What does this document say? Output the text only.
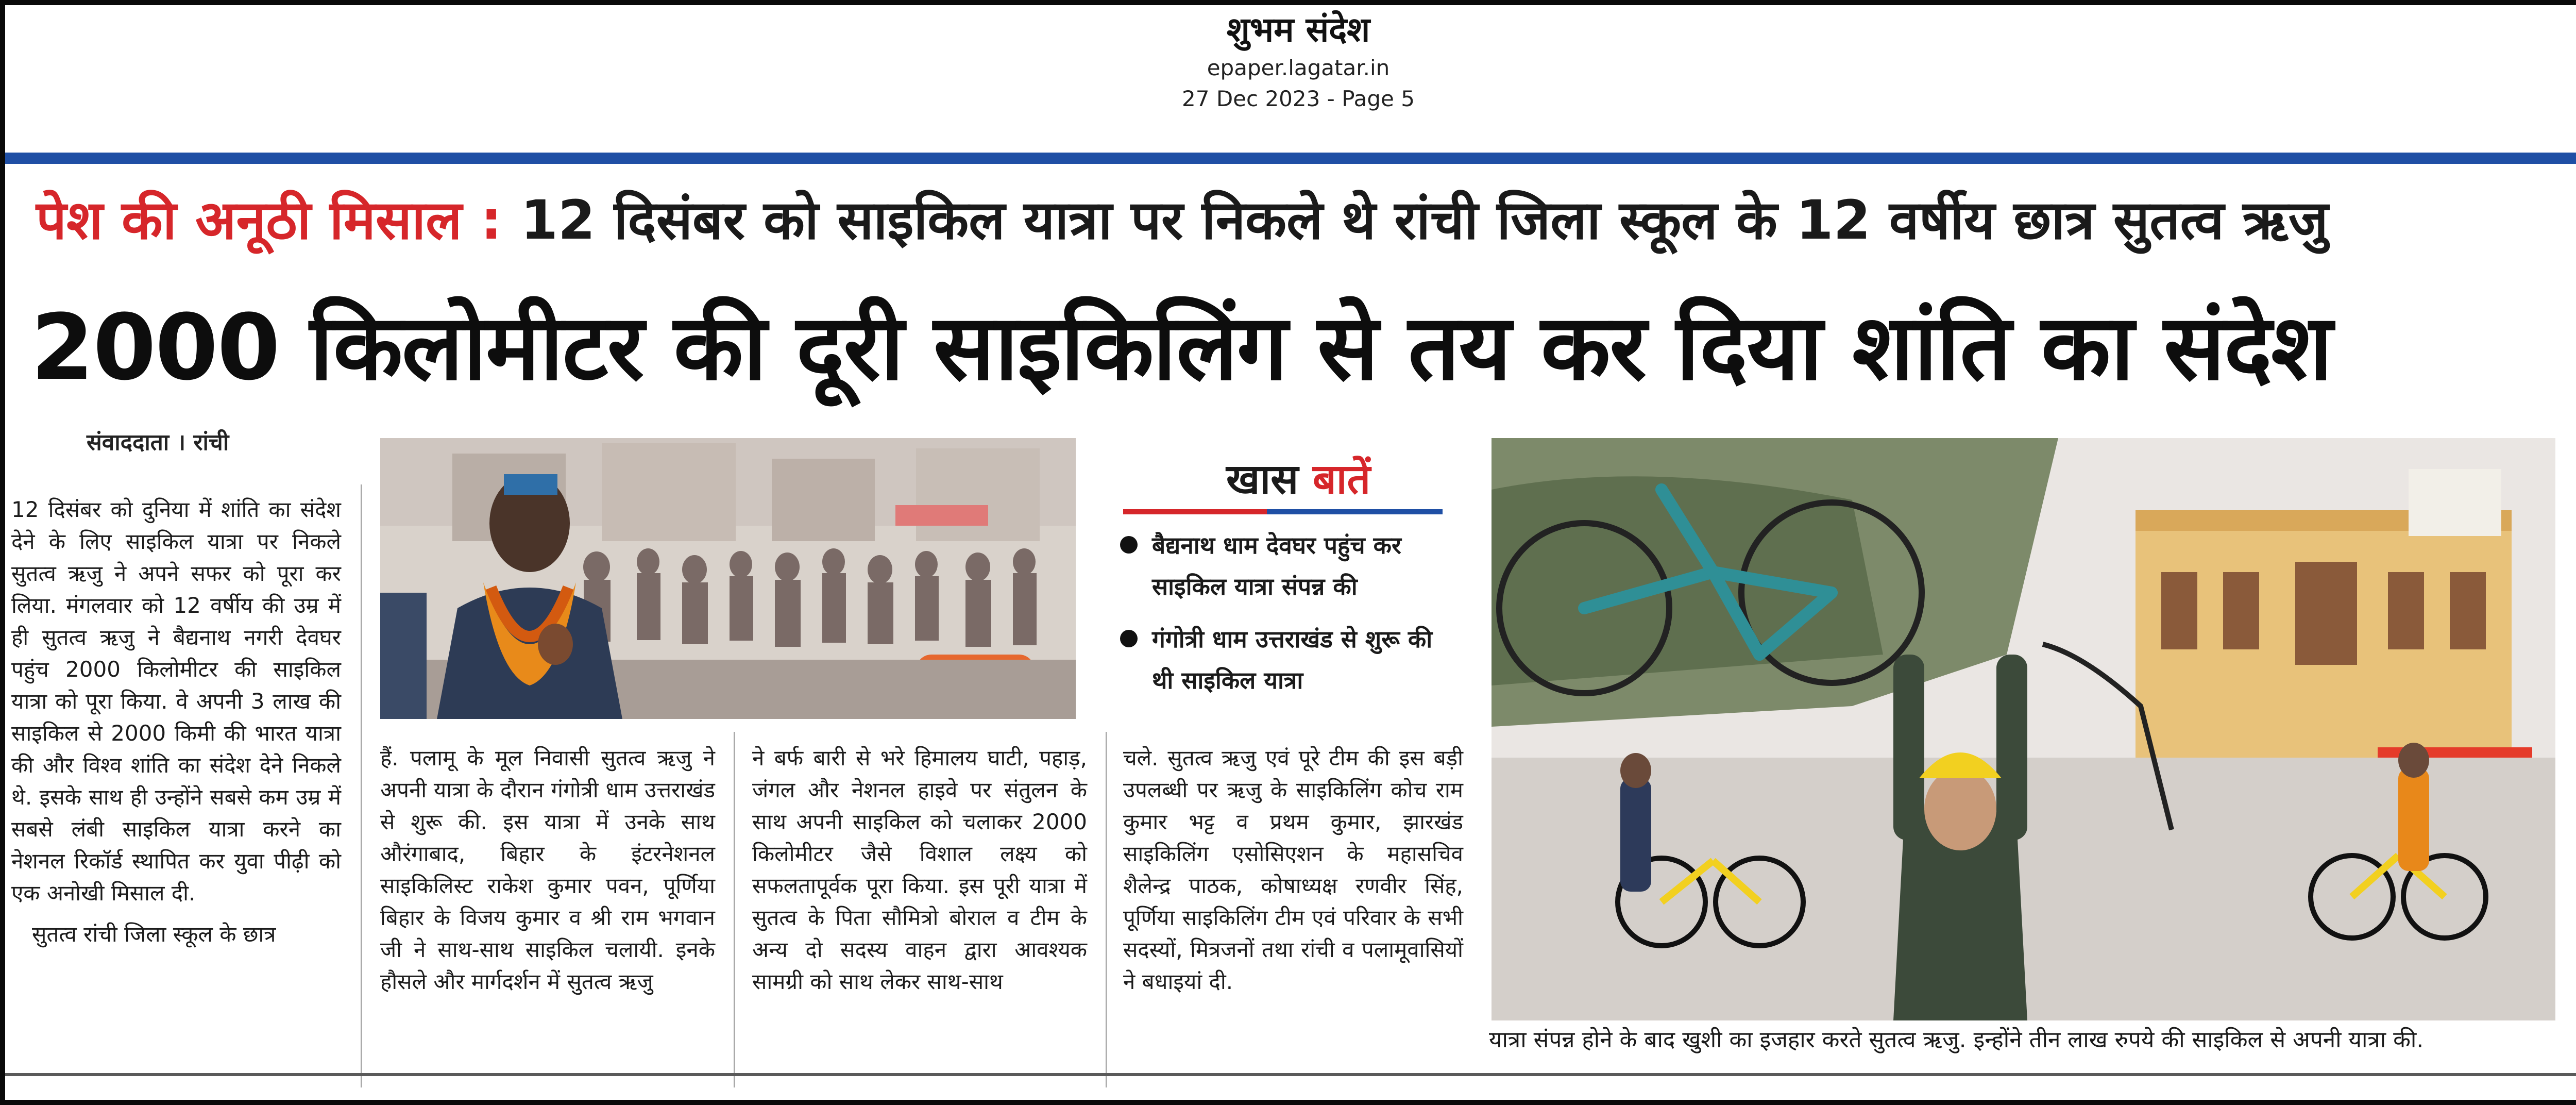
शुभम संदेश
epaper.lagatar.in
27 Dec 2023 - Page 5
पेश की अनूठी मिसाल : 12 दिसंबर को साइकिल यात्रा पर निकले थे रांची जिला स्कूल के 12 वर्षीय छात्र सुतत्व ऋजु
2000 किलोमीटर की दूरी साइकिलिंग से तय कर दिया शांति का संदेश
संवाददाता । रांची
खास बातें
बैद्यनाथ धाम देवघर पहुंच कर साइकिल यात्रा संपन्न की
गंगोत्री धाम उत्तराखंड से शुरू की थी साइकिल यात्रा

12 दिसंबर को दुनिया में शांति का संदेश देने के लिए साइकिल यात्रा पर निकले सुतत्व ऋजु ने अपने सफर को पूरा कर लिया. मंगलवार को 12 वर्षीय की उम्र में ही सुतत्व ऋजु ने बैद्यनाथ नगरी देवघर पहुंच 2000 किलोमीटर की साइकिल यात्रा को पूरा किया. वे अपनी 3 लाख की साइकिल से 2000 किमी की भारत यात्रा की और विश्व शांति का संदेश देने निकले थे. इसके साथ ही उन्होंने सबसे कम उम्र में सबसे लंबी साइकिल यात्रा करने का नेशनल रिकॉर्ड स्थापित कर युवा पीढ़ी को एक अनोखी मिसाल दी.

सुतत्व रांची जिला स्कूल के छात्र

हैं. पलामू के मूल निवासी सुतत्व ऋजु ने अपनी यात्रा के दौरान गंगोत्री धाम उत्तराखंड से शुरू की. इस यात्रा में उनके साथ औरंगाबाद, बिहार के इंटरनेशनल साइकिलिस्ट राकेश कुमार पवन, पूर्णिया बिहार के विजय कुमार व श्री राम भगवान जी ने साथ-साथ साइकिल चलायी. इनके हौसले और मार्गदर्शन में सुतत्व ऋजु

ने बर्फ बारी से भरे हिमालय घाटी, पहाड़, जंगल और नेशनल हाइवे पर संतुलन के साथ अपनी साइकिल को चलाकर 2000 किलोमीटर जैसे विशाल लक्ष्य को सफलतापूर्वक पूरा किया. इस पूरी यात्रा में सुतत्व के पिता सौमित्रो बोराल व टीम के अन्य दो सदस्य वाहन द्वारा आवश्यक सामग्री को साथ लेकर साथ-साथ

चले. सुतत्व ऋजु एवं पूरे टीम की इस बड़ी उपलब्धी पर ऋजु के साइकिलिंग कोच राम कुमार भट्ट व प्रथम कुमार, झारखंड साइकिलिंग एसोसिएशन के महासचिव शैलेन्द्र पाठक, कोषाध्यक्ष रणवीर सिंह, पूर्णिया साइकिलिंग टीम एवं परिवार के सभी सदस्यों, मित्रजनों तथा रांची व पलामूवासियों ने बधाइयां दी.

यात्रा संपन्न होने के बाद खुशी का इजहार करते सुतत्व ऋजु. इन्होंने तीन लाख रुपये की साइकिल से अपनी यात्रा की.
